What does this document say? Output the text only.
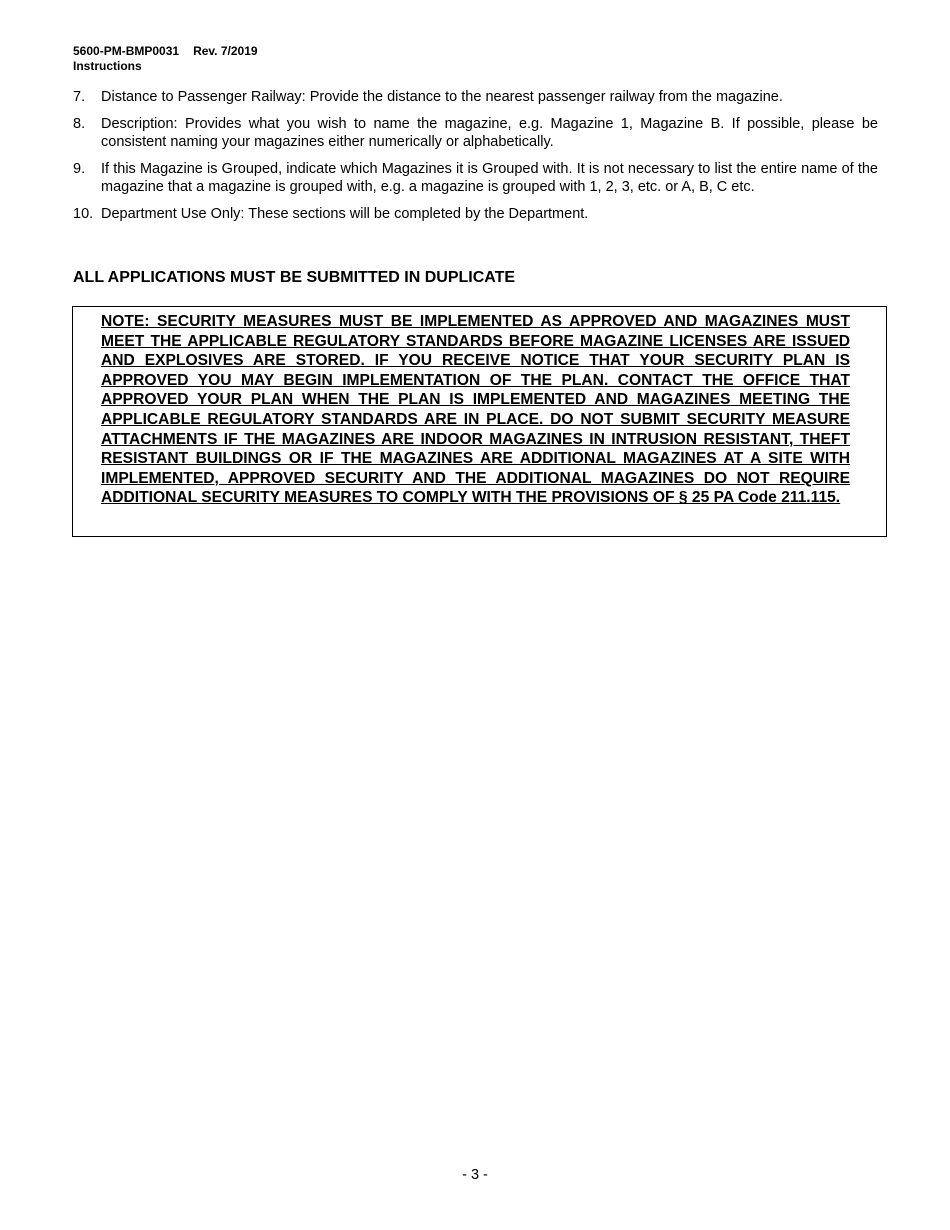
5600-PM-BMP0031 Rev. 7/2019
Instructions
7. Distance to Passenger Railway: Provide the distance to the nearest passenger railway from the magazine.
8. Description: Provides what you wish to name the magazine, e.g. Magazine 1, Magazine B. If possible, please be consistent naming your magazines either numerically or alphabetically.
9. If this Magazine is Grouped, indicate which Magazines it is Grouped with. It is not necessary to list the entire name of the magazine that a magazine is grouped with, e.g. a magazine is grouped with 1, 2, 3, etc. or A, B, C etc.
10. Department Use Only: These sections will be completed by the Department.
ALL APPLICATIONS MUST BE SUBMITTED IN DUPLICATE

NOTE: SECURITY MEASURES MUST BE IMPLEMENTED AS APPROVED AND MAGAZINES MUST MEET THE APPLICABLE REGULATORY STANDARDS BEFORE MAGAZINE LICENSES ARE ISSUED AND EXPLOSIVES ARE STORED. IF YOU RECEIVE NOTICE THAT YOUR SECURITY PLAN IS APPROVED YOU MAY BEGIN IMPLEMENTATION OF THE PLAN. CONTACT THE OFFICE THAT APPROVED YOUR PLAN WHEN THE PLAN IS IMPLEMENTED AND MAGAZINES MEETING THE APPLICABLE REGULATORY STANDARDS ARE IN PLACE. DO NOT SUBMIT SECURITY MEASURE ATTACHMENTS IF THE MAGAZINES ARE INDOOR MAGAZINES IN INTRUSION RESISTANT, THEFT RESISTANT BUILDINGS OR IF THE MAGAZINES ARE ADDITIONAL MAGAZINES AT A SITE WITH IMPLEMENTED, APPROVED SECURITY AND THE ADDITIONAL MAGAZINES DO NOT REQUIRE ADDITIONAL SECURITY MEASURES TO COMPLY WITH THE PROVISIONS OF § 25 PA Code 211.115.

- 3 -
